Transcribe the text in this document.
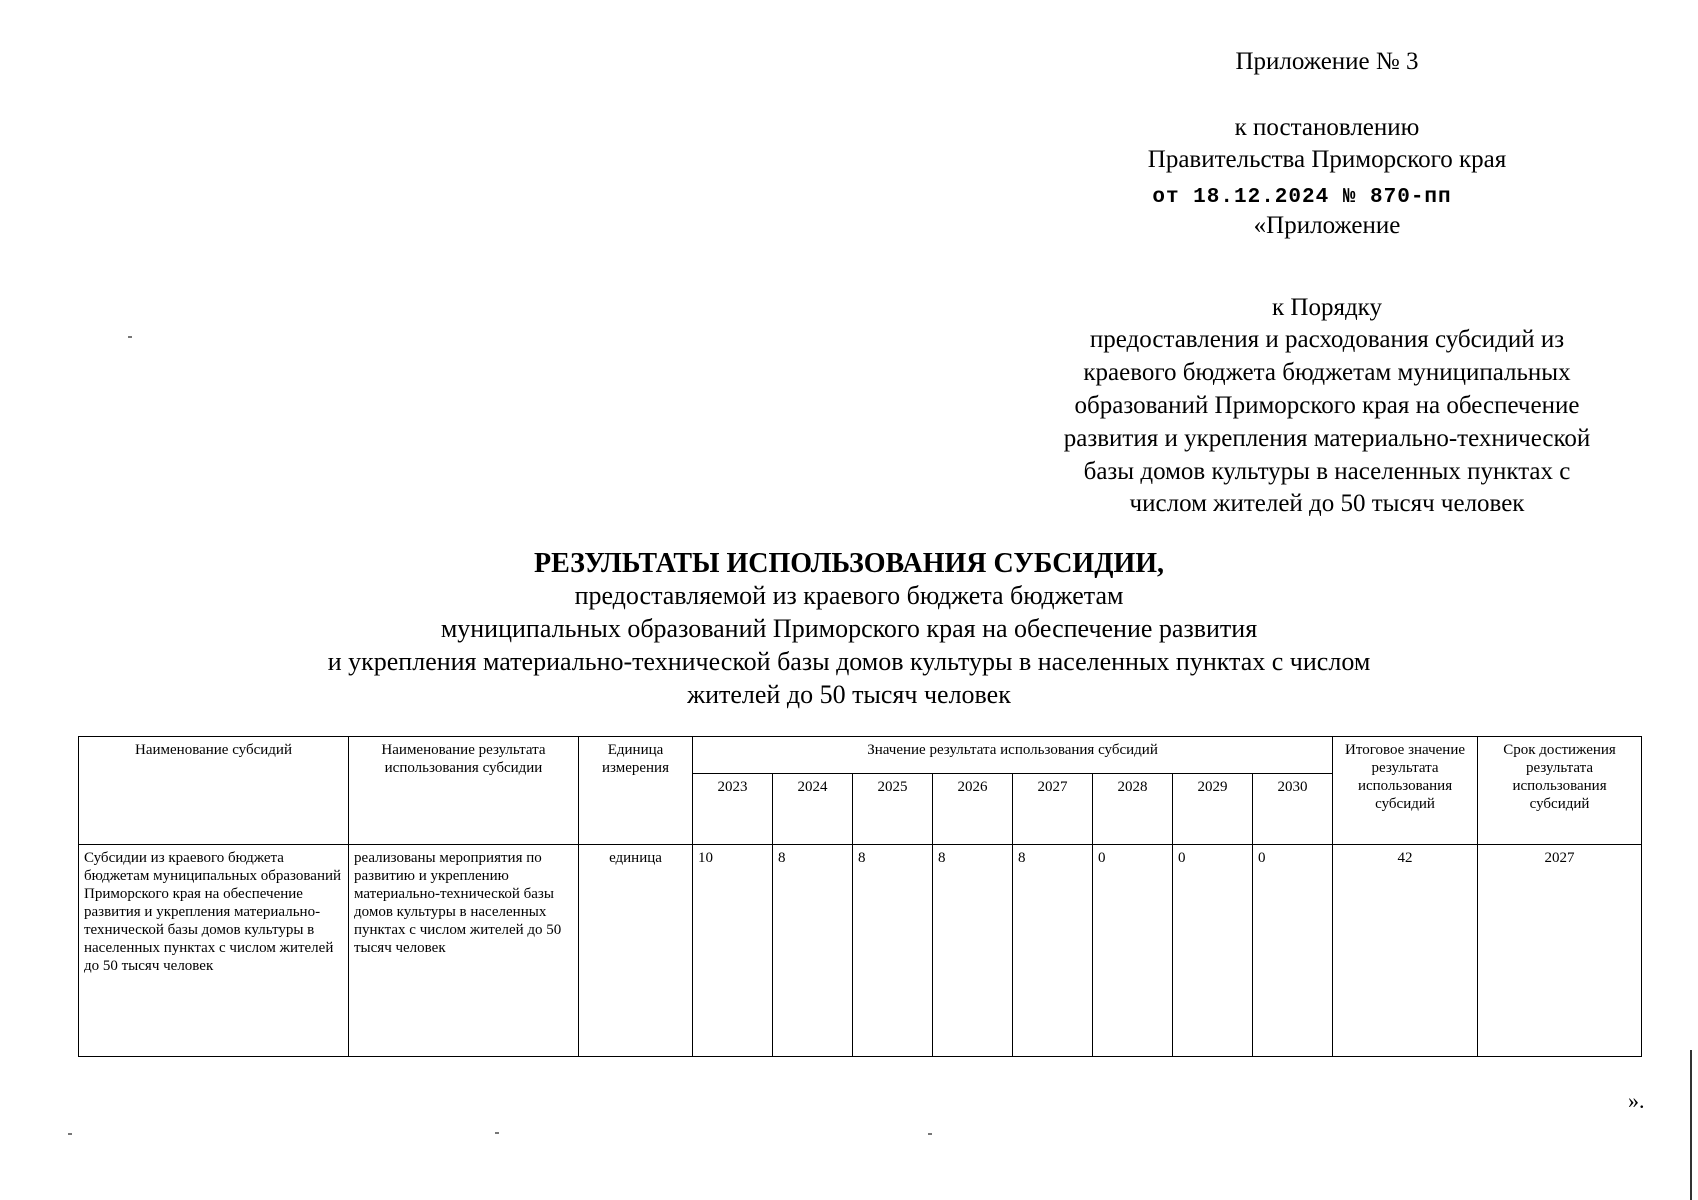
Приложение № 3
к постановлению
Правительства Приморского края
от 18.12.2024 № 870-пп
«Приложение
к Порядку
предоставления и расходования субсидий из
краевого бюджета бюджетам муниципальных
образований Приморского края на обеспечение
развития и укрепления материально-технической
базы домов культуры в населенных пунктах с
числом жителей до 50 тысяч человек
РЕЗУЛЬТАТЫ ИСПОЛЬЗОВАНИЯ СУБСИДИИ,
предоставляемой из краевого бюджета бюджетам
муниципальных образований Приморского края на обеспечение развития
и укрепления материально-технической базы домов культуры в населенных пунктах с числом
жителей до 50 тысяч человек
Наименование субсидий	Наименование результата использования субсидии	Единица измерения	Значение результата использования субсидий								Итоговое значение результата использования субсидий	Срок достижения результата использования субсидий
			2023	2024	2025	2026	2027	2028	2029	2030		
Субсидии из краевого бюджета бюджетам муниципальных образований Приморского края на обеспечение развития и укрепления материально-технической базы домов культуры в населенных пунктах с числом жителей до 50 тысяч человек	реализованы мероприятия по развитию и укреплению материально-технической базы домов культуры в населенных пунктах с числом жителей до 50 тысяч человек	единица	10	8	8	8	8	0	0	0	42	2027
».
